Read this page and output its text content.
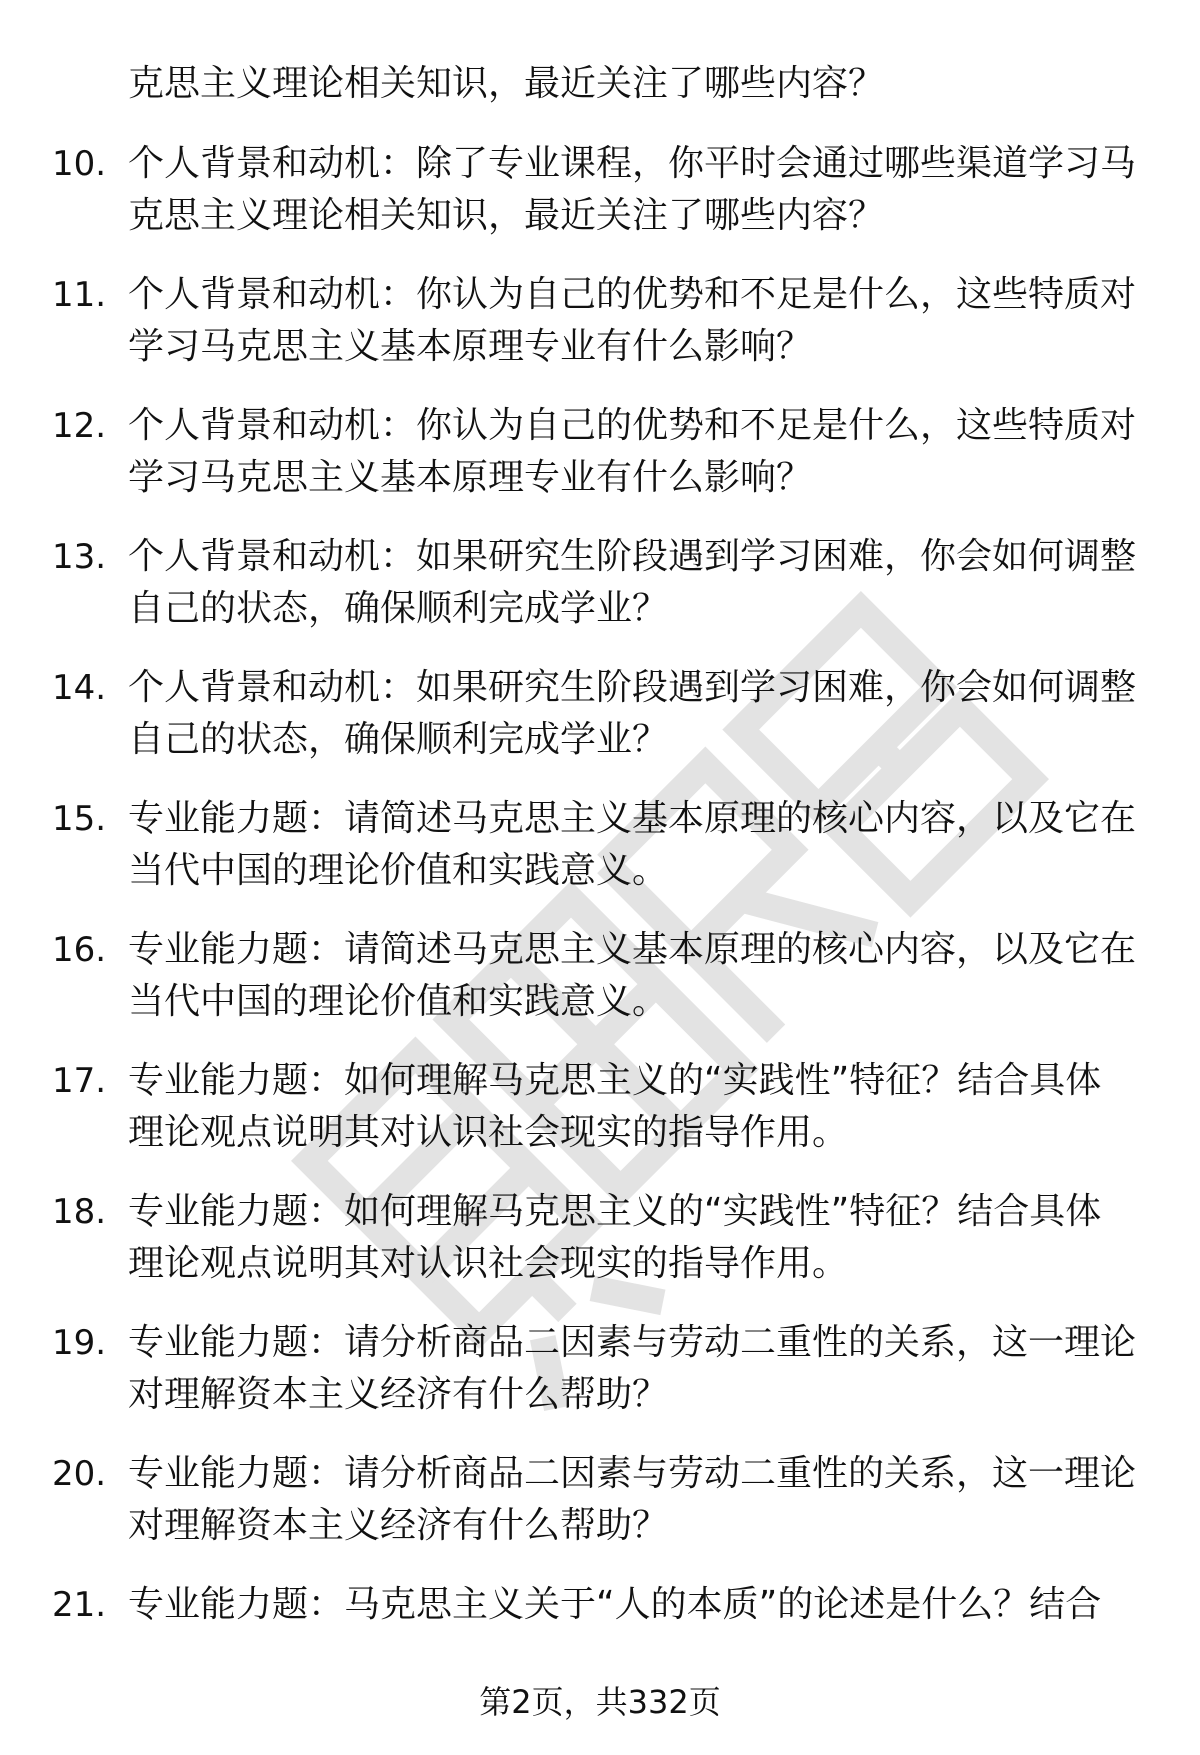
克思主义理论相关知识，最近关注了哪些内容？
10. 个人背景和动机：除了专业课程，你平时会通过哪些渠道学习马
克思主义理论相关知识，最近关注了哪些内容？
11. 个人背景和动机：你认为自己的优势和不足是什么，这些特质对
学习马克思主义基本原理专业有什么影响？
12. 个人背景和动机：你认为自己的优势和不足是什么，这些特质对
学习马克思主义基本原理专业有什么影响？
13. 个人背景和动机：如果研究生阶段遇到学习困难，你会如何调整
自己的状态，确保顺利完成学业？
14. 个人背景和动机：如果研究生阶段遇到学习困难，你会如何调整
自己的状态，确保顺利完成学业？
15. 专业能力题：请简述马克思主义基本原理的核心内容，以及它在
当代中国的理论价值和实践意义。
16. 专业能力题：请简述马克思主义基本原理的核心内容，以及它在
当代中国的理论价值和实践意义。
17. 专业能力题：如何理解马克思主义的“实践性”特征？结合具体
理论观点说明其对认识社会现实的指导作用。
18. 专业能力题：如何理解马克思主义的“实践性”特征？结合具体
理论观点说明其对认识社会现实的指导作用。
19. 专业能力题：请分析商品二因素与劳动二重性的关系，这一理论
对理解资本主义经济有什么帮助？
20. 专业能力题：请分析商品二因素与劳动二重性的关系，这一理论
对理解资本主义经济有什么帮助？
21. 专业能力题：马克思主义关于“人的本质”的论述是什么？结合
第2页，共332页
